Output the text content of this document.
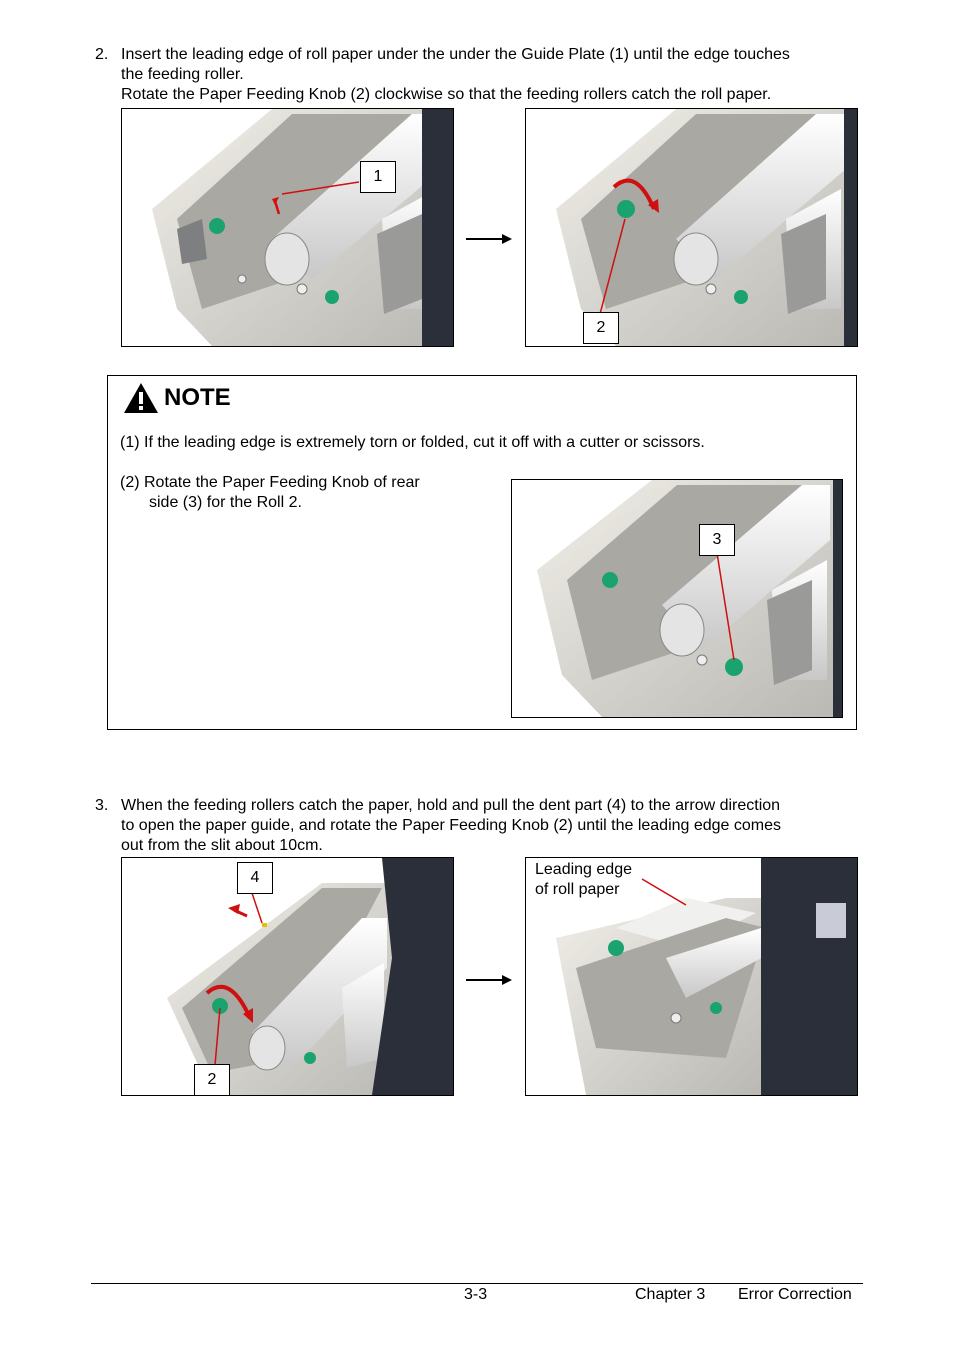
2. Insert the leading edge of roll paper under the under the Guide Plate (1) until the edge touches
the feeding roller.
Rotate the Paper Feeding Knob (2) clockwise so that the feeding rollers catch the roll paper.
1
2
NOTE
(1) If the leading edge is extremely torn or folded, cut it off with a cutter or scissors.
(2) Rotate the Paper Feeding Knob of rear
side (3) for the Roll 2.
3
3. When the feeding rollers catch the paper, hold and pull the dent part (4) to the arrow direction
to open the paper guide, and rotate the Paper Feeding Knob (2) until the leading edge comes
out from the slit about 10cm.
4
2
Leading edge
of roll paper
3-3	Chapter 3 Error Correction
